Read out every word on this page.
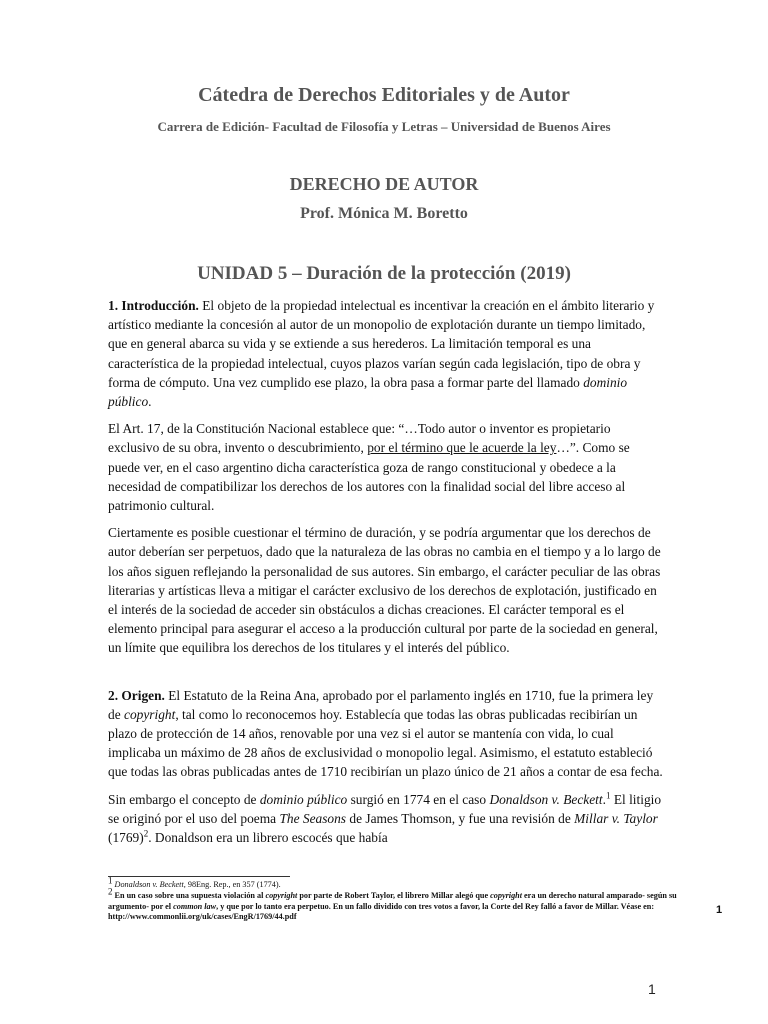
Cátedra de Derechos Editoriales y de Autor
Carrera de Edición- Facultad de Filosofía y Letras – Universidad de Buenos Aires
DERECHO DE AUTOR
Prof. Mónica M. Boretto
UNIDAD 5 – Duración de la protección (2019)

1. Introducción. El objeto de la propiedad intelectual es incentivar la creación en el ámbito literario y artístico mediante la concesión al autor de un monopolio de explotación durante un tiempo limitado, que en general abarca su vida y se extiende a sus herederos. La limitación temporal es una característica de la propiedad intelectual, cuyos plazos varían según cada legislación, tipo de obra y forma de cómputo. Una vez cumplido ese plazo, la obra pasa a formar parte del llamado dominio público.

El Art. 17, de la Constitución Nacional establece que: “…Todo autor o inventor es propietario exclusivo de su obra, invento o descubrimiento, por el término que le acuerde la ley…”. Como se puede ver, en el caso argentino dicha característica goza de rango constitucional y obedece a la necesidad de compatibilizar los derechos de los autores con la finalidad social del libre acceso al patrimonio cultural.

Ciertamente es posible cuestionar el término de duración, y se podría argumentar que los derechos de autor deberían ser perpetuos, dado que la naturaleza de las obras no cambia en el tiempo y a lo largo de los años siguen reflejando la personalidad de sus autores. Sin embargo, el carácter peculiar de las obras literarias y artísticas lleva a mitigar el carácter exclusivo de los derechos de explotación, justificado en el interés de la sociedad de acceder sin obstáculos a dichas creaciones. El carácter temporal es el elemento principal para asegurar el acceso a la producción cultural por parte de la sociedad en general, un límite que equilibra los derechos de los titulares y el interés del público.

2. Origen. El Estatuto de la Reina Ana, aprobado por el parlamento inglés en 1710, fue la primera ley de copyright, tal como lo reconocemos hoy. Establecía que todas las obras publicadas recibirían un plazo de protección de 14 años, renovable por una vez si el autor se mantenía con vida, lo cual implicaba un máximo de 28 años de exclusividad o monopolio legal. Asimismo, el estatuto estableció que todas las obras publicadas antes de 1710 recibirían un plazo único de 21 años a contar de esa fecha.

Sin embargo el concepto de dominio público surgió en 1774 en el caso Donaldson v. Beckett.$^1$ El litigio se originó por el uso del poema The Seasons de James Thomson, y fue una revisión de Millar v. Taylor $(1769)^2$. Donaldson era un librero escocés que había

$^1$ Donaldson v. Beckett, 98Eng. Rep., en 357 (1774).

$^2$ En un caso sobre una supuesta violación al copyright por parte de Robert Taylor, el librero Millar alegó que copyright era un derecho natural amparado- según su argumento- por el common law, y que por lo tanto era perpetuo. En un fallo dividido con tres votos a favor, la Corte del Rey falló a favor de Millar. Véase en:
http://www.commonlii.org/uk/cases/EngR/1769/44.pdf

1
1
